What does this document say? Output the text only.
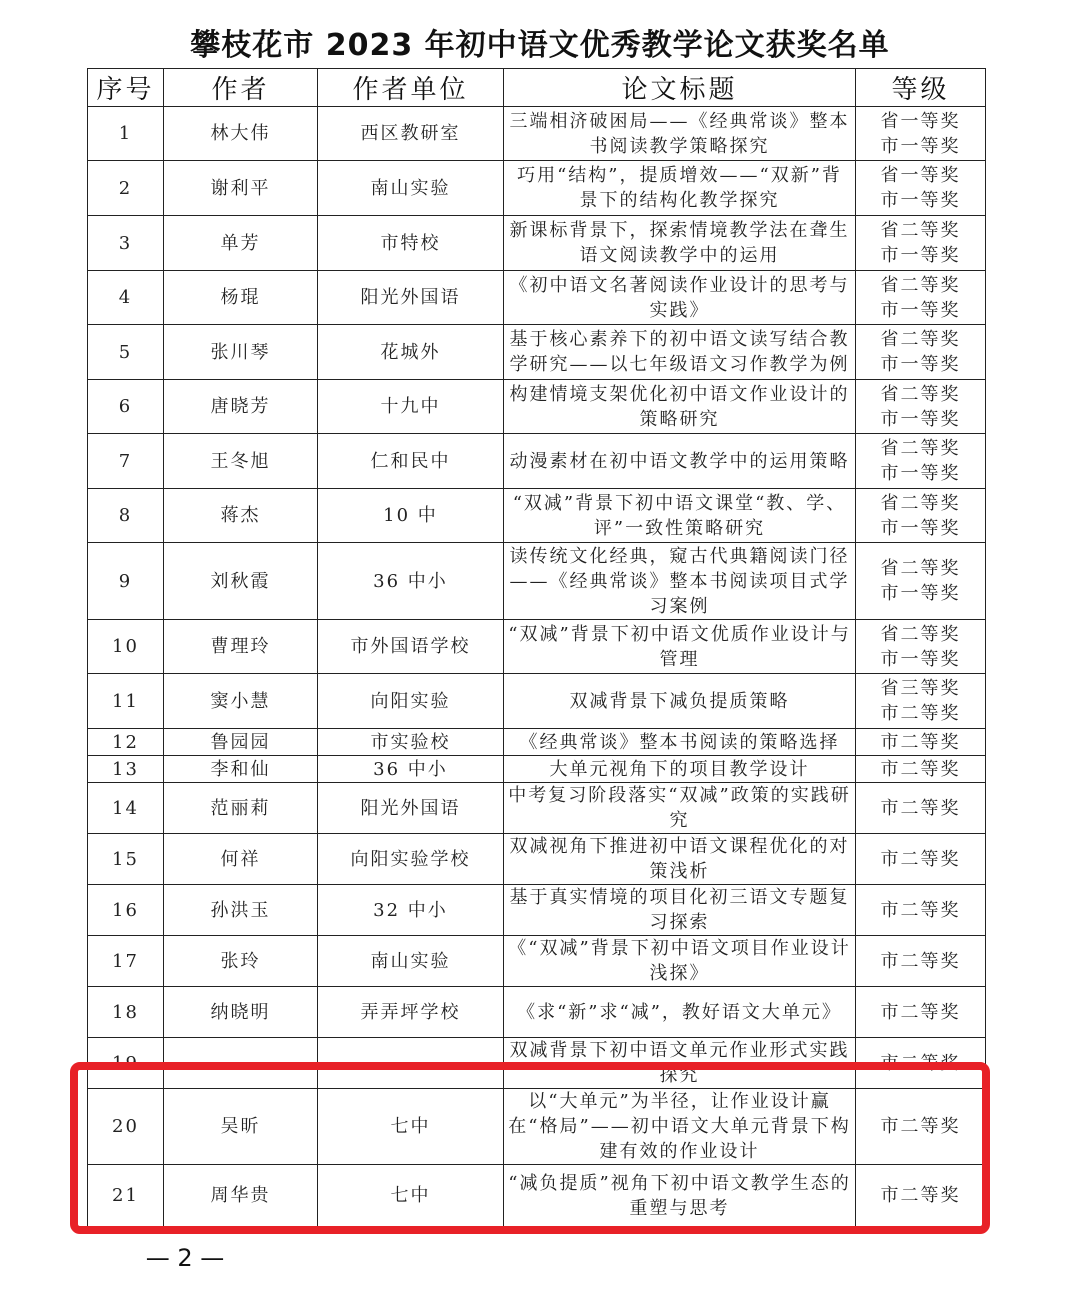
攀枝花市 2023 年初中语文优秀教学论文获奖名单
序号	作者	作者单位	论文标题	等级
1	林大伟	西区教研室	三端相济破困局——《经典常谈》整本书阅读教学策略探究	省一等奖
市一等奖

2	谢利平	南山实验	巧用“结构”，提质增效——“双新”背景下的结构化教学探究	省一等奖
市一等奖

3	单芳	市特校	新课标背景下，探索情境教学法在聋生语文阅读教学中的运用	省二等奖
市一等奖

4	杨琨	阳光外国语	《初中语文名著阅读作业设计的思考与实践》	省二等奖
市一等奖

5	张川琴	花城外	基于核心素养下的初中语文读写结合教学研究——以七年级语文习作教学为例	省二等奖
市一等奖

6	唐晓芳	十九中	构建情境支架优化初中语文作业设计的策略研究	省二等奖
市一等奖

7	王冬旭	仁和民中	动漫素材在初中语文教学中的运用策略	省二等奖
市一等奖

8	蒋杰	10 中	“双减”背景下初中语文课堂“教、学、评”一致性策略研究	省二等奖
市一等奖

9	刘秋霞	36 中小	读传统文化经典，窥古代典籍阅读门径——《经典常谈》整本书阅读项目式学习案例	省二等奖
市一等奖

10	曹理玲	市外国语学校	“双减”背景下初中语文优质作业设计与管理	省二等奖
市一等奖

11	窦小慧	向阳实验	双减背景下减负提质策略	省三等奖
市二等奖

12	鲁园园	市实验校	《经典常谈》整本书阅读的策略选择	市二等奖

13	李和仙	36 中小	大单元视角下的项目教学设计	市二等奖

14	范丽莉	阳光外国语	中考复习阶段落实“双减”政策的实践研究	市二等奖

15	何祥	向阳实验学校	双减视角下推进初中语文课程优化的对策浅析	市二等奖

16	孙洪玉	32 中小	基于真实情境的项目化初三语文专题复习探索	市二等奖

17	张玲	南山实验	《“双减”背景下初中语文项目作业设计浅探》	市二等奖

18	纳晓明	弄弄坪学校	《求“新”求“减”，教好语文大单元》	市二等奖

19			双减背景下初中语文单元作业形式实践探究	市二等奖

20	吴昕	七中	以“大单元”为半径，让作业设计赢在“格局”——初中语文大单元背景下构建有效的作业设计	市二等奖

21	周华贵	七中	“减负提质”视角下初中语文教学生态的重塑与思考	市二等奖
— 2 —
